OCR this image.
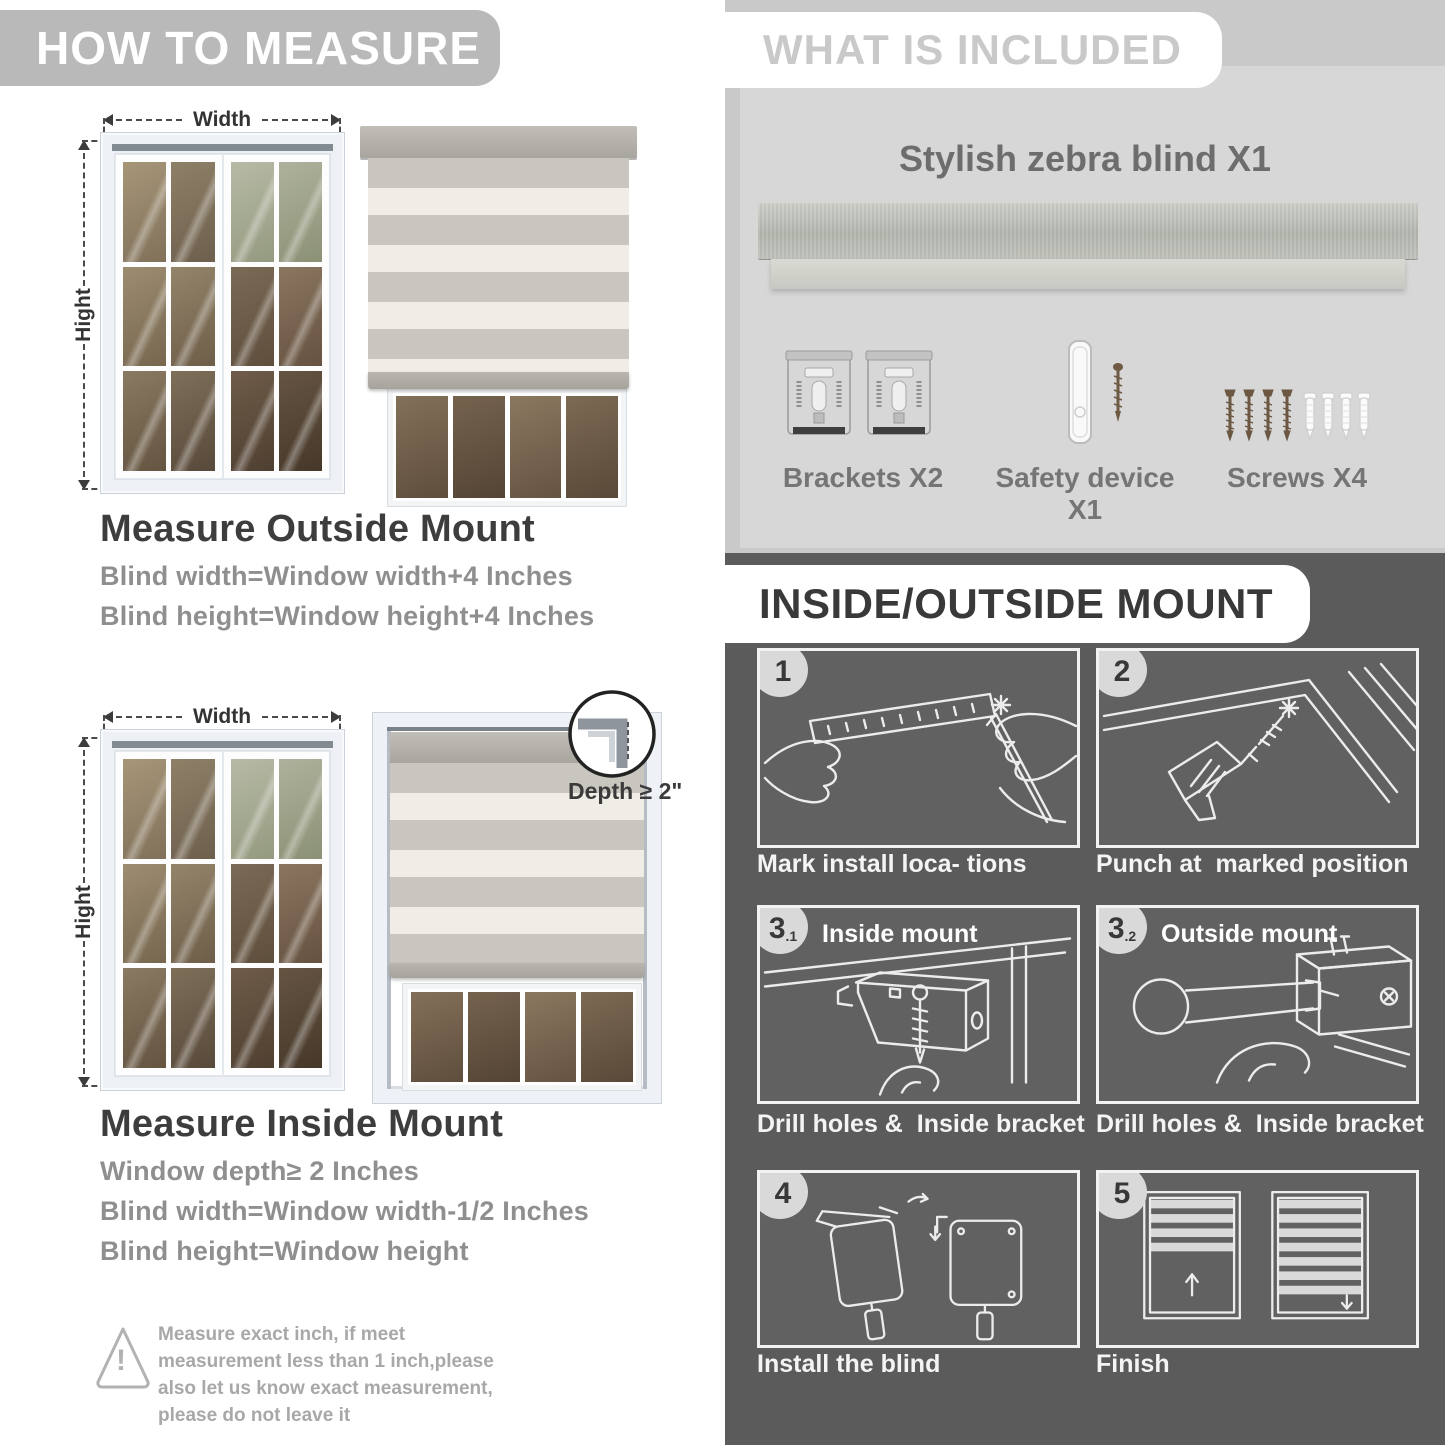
HOW TO MEASURE
Width
Hight
Measure Outside Mount

Blind width=Window width+4 Inches

Blind height=Window height+4 Inches

Width
Hight
Depth ≥ 2"
Measure Inside Mount

Window depth≥ 2 Inches

Blind width=Window width-1/2 Inches

Blind height=Window height

!
Measure exact inch, if meet measurement less than 1 inch,please also let us know exact measurement, please do not leave it
WHAT IS INCLUDED
Stylish zebra blind X1
Brackets X2	Safety device X1
Screws X4
INSIDE/OUTSIDE MOUNT
1	2

Mark install loca- tions	Punch at  marked position

3 .1 Inside mount	3 .2 Outside mount

Drill holes &  Inside bracket Drill holes &  Inside bracket

4	5

Install the blind	Finish
